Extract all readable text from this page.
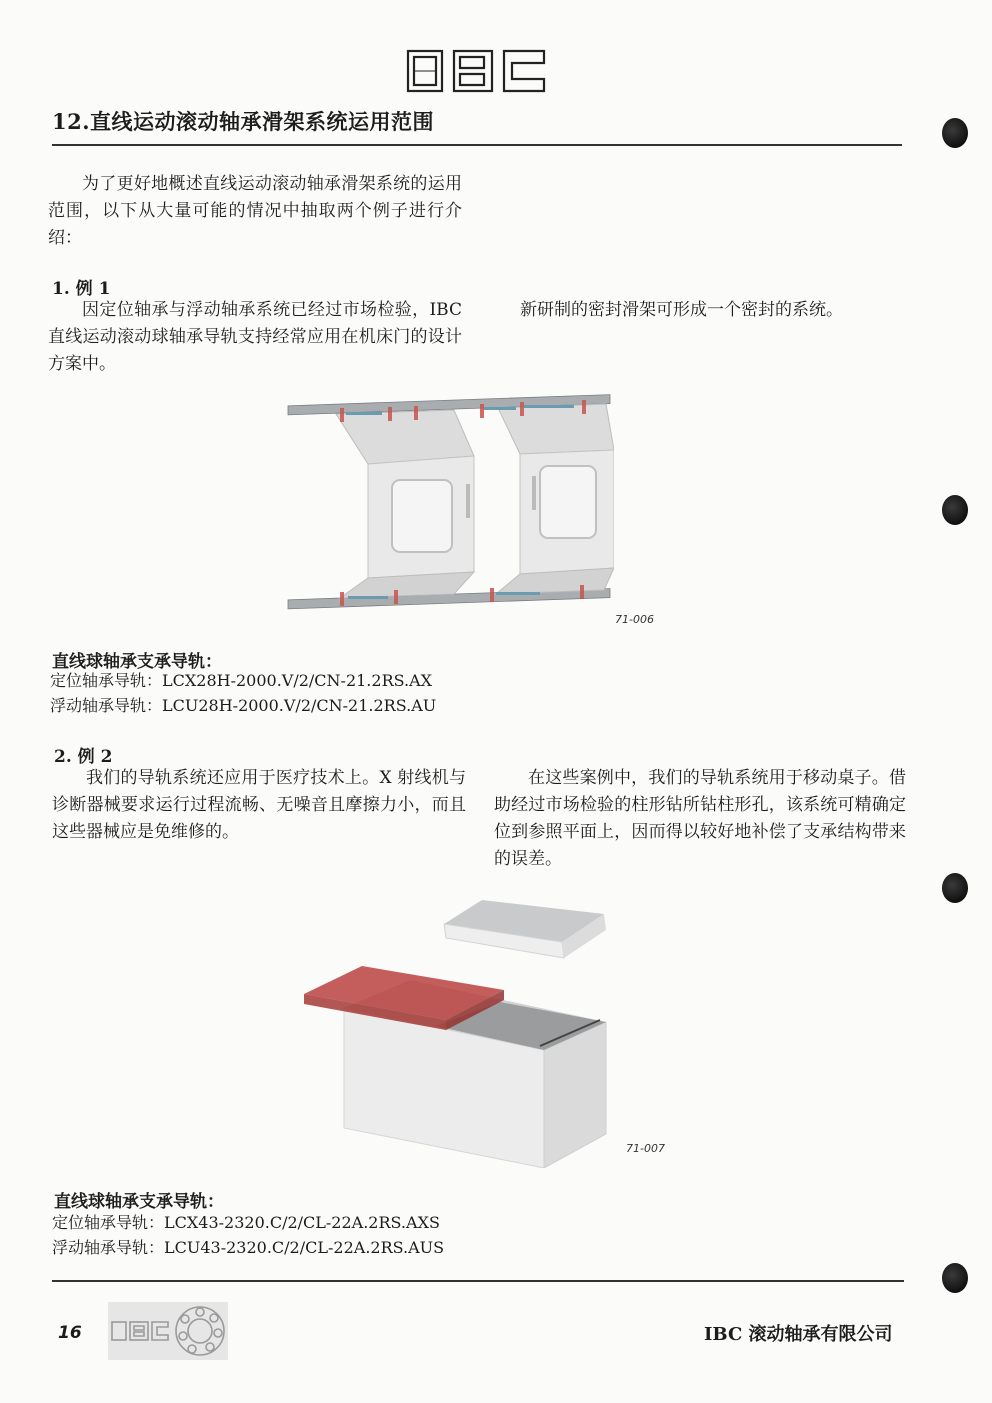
12.直线运动滚动轴承滑架系统运用范围
为了更好地概述直线运动滚动轴承滑架系统的运用范围，以下从大量可能的情况中抽取两个例子进行介绍：
1. 例 1
因定位轴承与浮动轴承系统已经过市场检验，IBC 直线运动滚动球轴承导轨支持经常应用在机床门的设计方案中。
新研制的密封滑架可形成一个密封的系统。
71-006
直线球轴承支承导轨：
定位轴承导轨：LCX28H-2000.V/2/CN-21.2RS.AX
浮动轴承导轨：LCU28H-2000.V/2/CN-21.2RS.AU
2. 例 2
我们的导轨系统还应用于医疗技术上。X 射线机与诊断器械要求运行过程流畅、无噪音且摩擦力小，而且这些器械应是免维修的。
在这些案例中，我们的导轨系统用于移动桌子。借助经过市场检验的柱形钻所钻柱形孔，该系统可精确定位到参照平面上，因而得以较好地补偿了支承结构带来的误差。
71-007
直线球轴承支承导轨：
定位轴承导轨：LCX43-2320.C/2/CL-22A.2RS.AXS
浮动轴承导轨：LCU43-2320.C/2/CL-22A.2RS.AUS
16	IBC 滚动轴承有限公司
